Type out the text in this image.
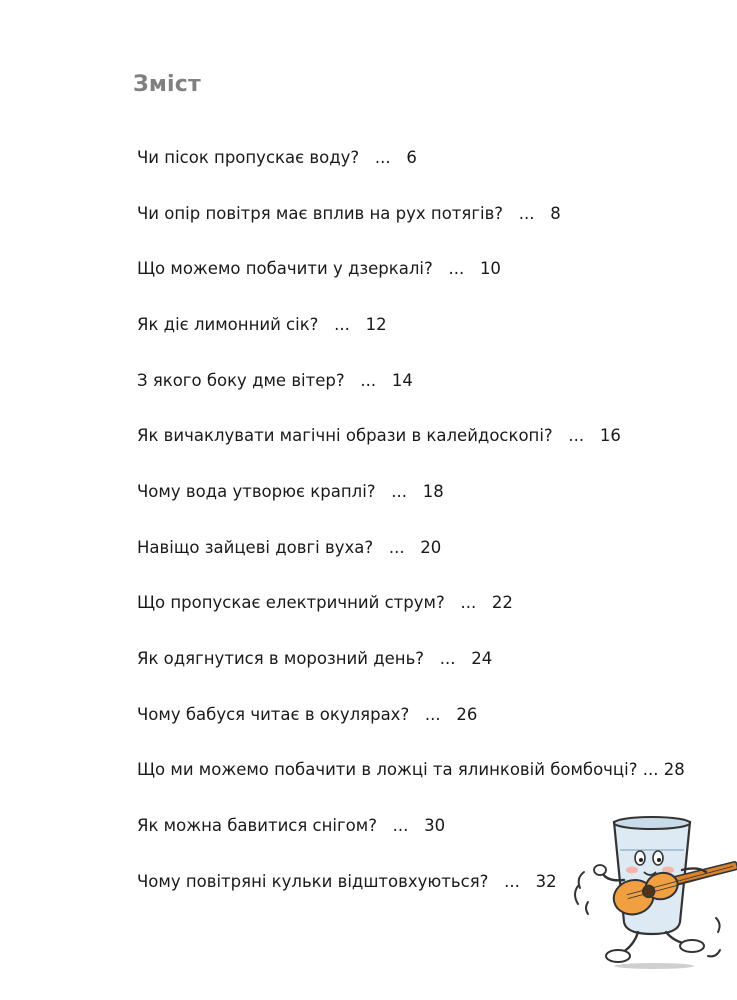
Зміст
Чи пісок пропускає воду?   ...   6
Чи опір повітря має вплив на рух потягів?   ...   8
Що можемо побачити у дзеркалі?   ...   10
Як діє лимонний сік?   ...   12
З якого боку дме вітер?   ...   14
Як вичаклувати магічні образи в калейдоскопі?   ...   16
Чому вода утворює краплі?   ...   18
Навіщо зайцеві довгі вуха?   ...   20
Що пропускає електричний струм?   ...   22
Як одягнутися в морозний день?   ...   24
Чому бабуся читає в окулярах?   ...   26
Що ми можемо побачити в ложці та ялинковій бомбочці? ... 28
Як можна бавитися снігом?   ...   30
Чому повітряні кульки відштовхуються?   ...   32
